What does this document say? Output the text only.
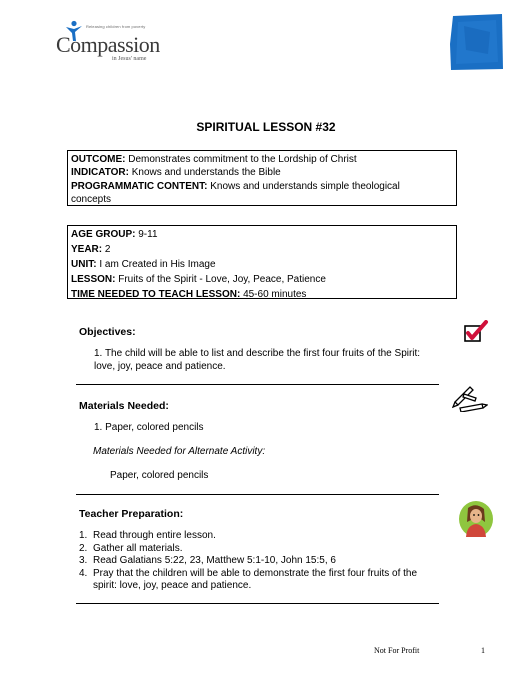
Releasing children from poverty
Compassion
in Jesus' name
SPIRITUAL LESSON #32
OUTCOME: Demonstrates commitment to the Lordship of Christ
INDICATOR: Knows and understands the Bible
PROGRAMMATIC CONTENT: Knows and understands simple theological
concepts
AGE GROUP: 9-11
YEAR: 2
UNIT: I am Created in His Image
LESSON: Fruits of the Spirit - Love, Joy, Peace, Patience
TIME NEEDED TO TEACH LESSON: 45-60 minutes
Objectives:
1. The child will be able to list and describe the first four fruits of the Spirit: love, joy, peace and patience.
Materials Needed:
1. Paper, colored pencils
Materials Needed for Alternate Activity:
Paper, colored pencils
Teacher Preparation:
1. Read through entire lesson.
2. Gather all materials.
3. Read Galatians 5:22, 23, Matthew 5:1-10, John 15:5, 6
4. Pray that the children will be able to demonstrate the first four fruits of the spirit: love, joy, peace and patience.
Not For Profit	1
